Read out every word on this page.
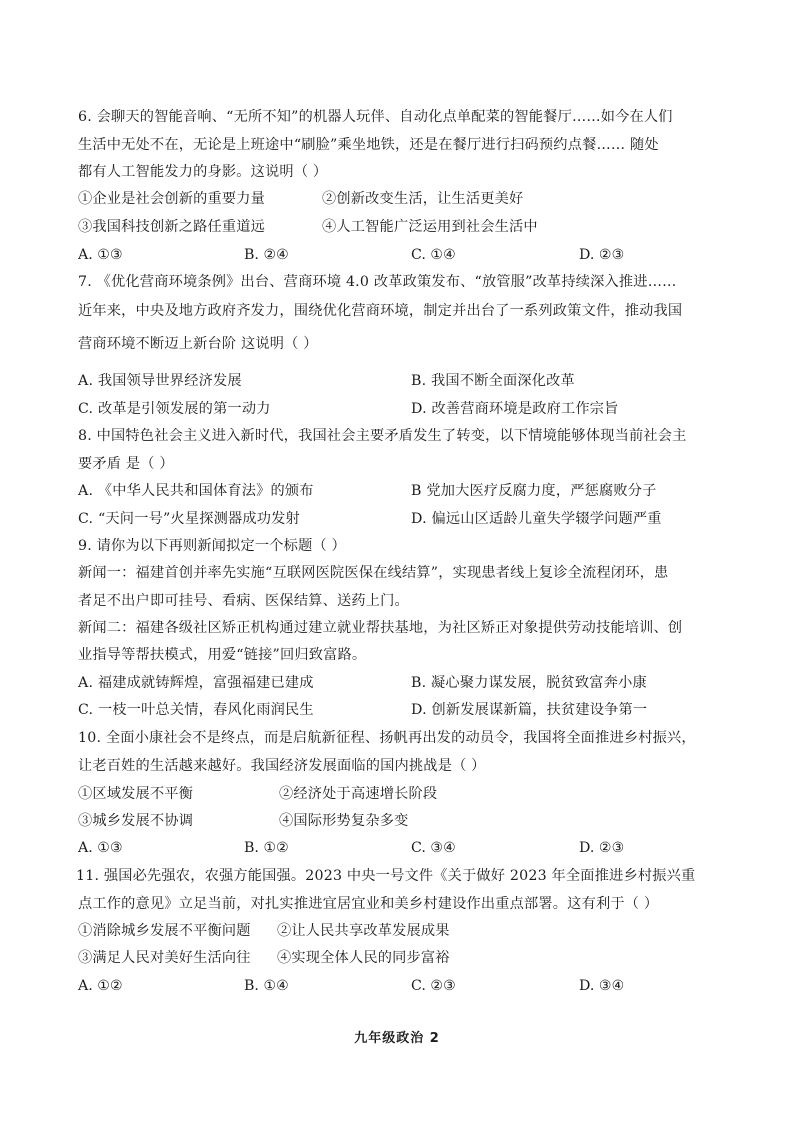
6. 会聊天的智能音响、“无所不知”的机器人玩伴、自动化点单配菜的智能餐厅……如今在人们
生活中无处不在，无论是上班途中“刷脸”乘坐地铁，还是在餐厅进行扫码预约点餐…… 随处
都有人工智能发力的身影。这说明（ ）
①企业是社会创新的重要力量	②创新改变生活，让生活更美好
③我国科技创新之路任重道远	④人工智能广泛运用到社会生活中
A. ①③	B. ②④	C. ①④	D. ②③
7. 《优化营商环境条例》出台、营商环境 4.0 改革政策发布、“放管服”改革持续深入推进……
近年来，中央及地方政府齐发力，围绕优化营商环境，制定并出台了一系列政策文件，推动我国
营商环境不断迈上新台阶 这说明（ ）
A. 我国领导世界经济发展	B. 我国不断全面深化改革
C. 改革是引领发展的第一动力	D. 改善营商环境是政府工作宗旨
8. 中国特色社会主义进入新时代，我国社会主要矛盾发生了转变，以下情境能够体现当前社会主
要矛盾 是（ ）
A. 《中华人民共和国体育法》的颁布	B 党加大医疗反腐力度，严惩腐败分子
C. “天问一号”火星探测器成功发射	D. 偏远山区适龄儿童失学辍学问题严重
9. 请你为以下再则新闻拟定一个标题（ ）
新闻一：福建首创并率先实施“互联网医院医保在线结算”，实现患者线上复诊全流程闭环，患
者足不出户即可挂号、看病、医保结算、送药上门。
新闻二：福建各级社区矫正机构通过建立就业帮扶基地，为社区矫正对象提供劳动技能培训、创
业指导等帮扶模式，用爱“链接”回归致富路。
A. 福建成就铸辉煌，富强福建已建成	B. 凝心聚力谋发展，脱贫致富奔小康
C. 一枝一叶总关情，春风化雨润民生	D. 创新发展谋新篇，扶贫建设争第一
10. 全面小康社会不是终点，而是启航新征程、扬帆再出发的动员令，我国将全面推进乡村振兴，
让老百姓的生活越来越好。我国经济发展面临的国内挑战是（ ）
①区域发展不平衡	②经济处于高速增长阶段
③城乡发展不协调	④国际形势复杂多变
A. ①③	B. ①②	C. ③④	D. ②③
11. 强国必先强农，农强方能国强。2023 中央一号文件《关于做好 2023 年全面推进乡村振兴重
点工作的意见》立足当前，对扎实推进宜居宜业和美乡村建设作出重点部署。这有利于（ ）
①消除城乡发展不平衡问题 ②让人民共享改革发展成果
③满足人民对美好生活向往 ④实现全体人民的同步富裕
A. ①②	B. ①④	C. ②③	D. ③④
九年级政治 2
